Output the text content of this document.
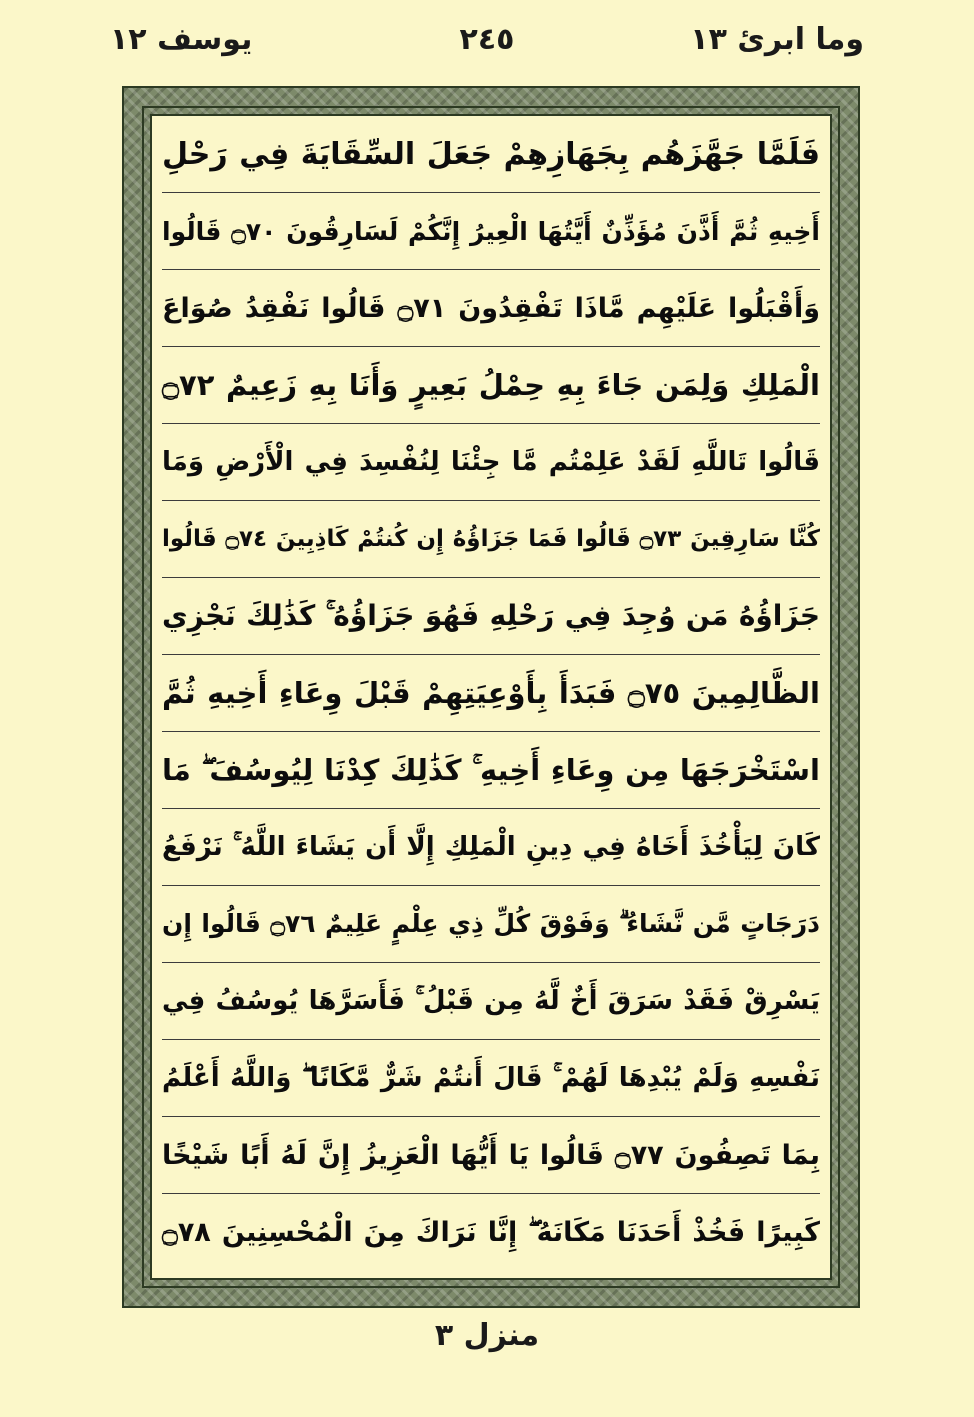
يوسف ١٢	٢٤٥	وما ابرئ ١٣
فَلَمَّا جَهَّزَهُم بِجَهَازِهِمْ جَعَلَ السِّقَايَةَ فِي رَحْلِ
أَخِيهِ ثُمَّ أَذَّنَ مُؤَذِّنٌ أَيَّتُهَا الْعِيرُ إِنَّكُمْ لَسَارِقُونَ ۝٧٠ قَالُوا
وَأَقْبَلُوا عَلَيْهِم مَّاذَا تَفْقِدُونَ ۝٧١ قَالُوا نَفْقِدُ صُوَاعَ
الْمَلِكِ وَلِمَن جَاءَ بِهِ حِمْلُ بَعِيرٍ وَأَنَا بِهِ زَعِيمٌ ۝٧٢
قَالُوا تَاللَّهِ لَقَدْ عَلِمْتُم مَّا جِئْنَا لِنُفْسِدَ فِي الْأَرْضِ وَمَا
كُنَّا سَارِقِينَ ۝٧٣ قَالُوا فَمَا جَزَاؤُهُ إِن كُنتُمْ كَاذِبِينَ ۝٧٤ قَالُوا
جَزَاؤُهُ مَن وُجِدَ فِي رَحْلِهِ فَهُوَ جَزَاؤُهُ ۚ كَذَٰلِكَ نَجْزِي
الظَّالِمِينَ ۝٧٥ فَبَدَأَ بِأَوْعِيَتِهِمْ قَبْلَ وِعَاءِ أَخِيهِ ثُمَّ
اسْتَخْرَجَهَا مِن وِعَاءِ أَخِيهِ ۚ كَذَٰلِكَ كِدْنَا لِيُوسُفَ ۖ مَا
كَانَ لِيَأْخُذَ أَخَاهُ فِي دِينِ الْمَلِكِ إِلَّا أَن يَشَاءَ اللَّهُ ۚ نَرْفَعُ
دَرَجَاتٍ مَّن نَّشَاءُ ۗ وَفَوْقَ كُلِّ ذِي عِلْمٍ عَلِيمٌ ۝٧٦ قَالُوا إِن
يَسْرِقْ فَقَدْ سَرَقَ أَخٌ لَّهُ مِن قَبْلُ ۚ فَأَسَرَّهَا يُوسُفُ فِي
نَفْسِهِ وَلَمْ يُبْدِهَا لَهُمْ ۚ قَالَ أَنتُمْ شَرٌّ مَّكَانًا ۖ وَاللَّهُ أَعْلَمُ
بِمَا تَصِفُونَ ۝٧٧ قَالُوا يَا أَيُّهَا الْعَزِيزُ إِنَّ لَهُ أَبًا شَيْخًا
كَبِيرًا فَخُذْ أَحَدَنَا مَكَانَهُ ۖ إِنَّا نَرَاكَ مِنَ الْمُحْسِنِينَ ۝٧٨
منزل ٣
